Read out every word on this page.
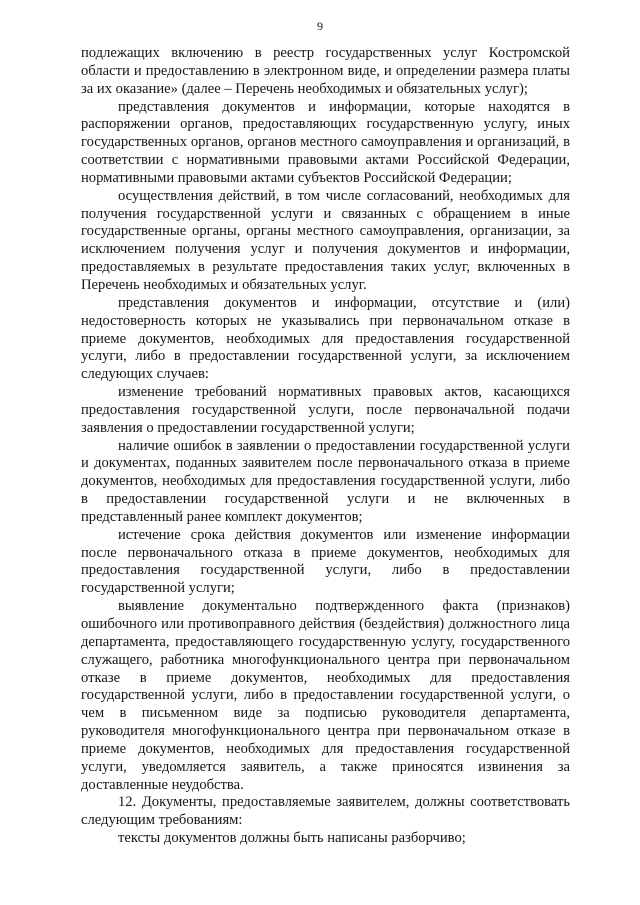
9

подлежащих включению в реестр государственных услуг Костромской области и предоставлению в электронном виде, и определении размера платы за их оказание» (далее – Перечень необходимых и обязательных услуг);

представления документов и информации, которые находятся в распоряжении органов, предоставляющих государственную услугу, иных государственных органов, органов местного самоуправления и организаций, в соответствии с нормативными правовыми актами Российской Федерации, нормативными правовыми актами субъектов Российской Федерации;

осуществления действий, в том числе согласований, необходимых для получения государственной услуги и связанных с обращением в иные государственные органы, органы местного самоуправления, организации, за исключением получения услуг и получения документов и информации, предоставляемых в результате предоставления таких услуг, включенных в Перечень необходимых и обязательных услуг.

представления документов и информации, отсутствие и (или) недостоверность которых не указывались при первоначальном отказе в приеме документов, необходимых для предоставления государственной услуги, либо в предоставлении государственной услуги, за исключением следующих случаев:

изменение требований нормативных правовых актов, касающихся предоставления государственной услуги, после первоначальной подачи заявления о предоставлении государственной услуги;

наличие ошибок в заявлении о предоставлении государственной услуги и документах, поданных заявителем после первоначального отказа в приеме документов, необходимых для предоставления государственной услуги, либо в предоставлении государственной услуги и не включенных в представленный ранее комплект документов;

истечение срока действия документов или изменение информации после первоначального отказа в приеме документов, необходимых для предоставления государственной услуги, либо в предоставлении государственной услуги;

выявление документально подтвержденного факта (признаков) ошибочного или противоправного действия (бездействия) должностного лица департамента, предоставляющего государственную услугу, государственного служащего, работника многофункционального центра при первоначальном отказе в приеме документов, необходимых для предоставления государственной услуги, либо в предоставлении государственной услуги, о чем в письменном виде за подписью руководителя департамента, руководителя многофункционального центра при первоначальном отказе в приеме документов, необходимых для предоставления государственной услуги, уведомляется заявитель, а также приносятся извинения за доставленные неудобства.

12. Документы, предоставляемые заявителем, должны соответствовать следующим требованиям:

тексты документов должны быть написаны разборчиво;
